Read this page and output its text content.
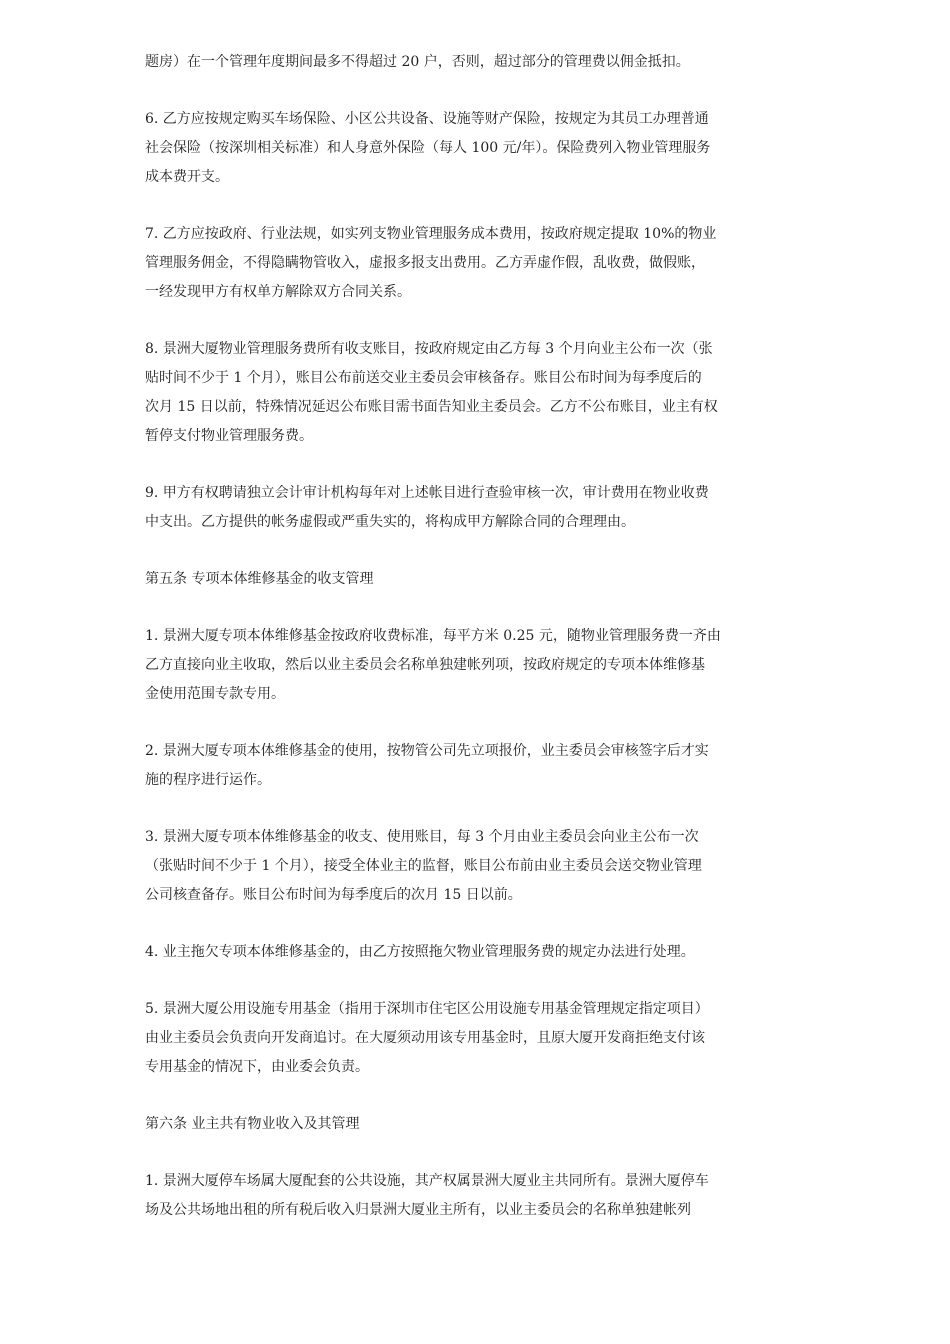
题房）在一个管理年度期间最多不得超过 20 户，否则，超过部分的管理费以佣金抵扣。
6. 乙方应按规定购买车场保险、小区公共设备、设施等财产保险，按规定为其员工办理普通
社会保险（按深圳相关标准）和人身意外保险（每人 100 元/年）。保险费列入物业管理服务
成本费开支。
7. 乙方应按政府、行业法规，如实列支物业管理服务成本费用，按政府规定提取 10%的物业
管理服务佣金，不得隐瞒物管收入，虚报多报支出费用。乙方弄虚作假，乱收费，做假账，
一经发现甲方有权单方解除双方合同关系。
8. 景洲大厦物业管理服务费所有收支账目，按政府规定由乙方每 3 个月向业主公布一次（张
贴时间不少于 1 个月），账目公布前送交业主委员会审核备存。账目公布时间为每季度后的
次月 15 日以前，特殊情况延迟公布账目需书面告知业主委员会。乙方不公布账目，业主有权
暂停支付物业管理服务费。
9. 甲方有权聘请独立会计审计机构每年对上述帐目进行查验审核一次，审计费用在物业收费
中支出。乙方提供的帐务虚假或严重失实的，将构成甲方解除合同的合理理由。
第五条 专项本体维修基金的收支管理
1. 景洲大厦专项本体维修基金按政府收费标准，每平方米 0.25 元，随物业管理服务费一齐由
乙方直接向业主收取，然后以业主委员会名称单独建帐列项，按政府规定的专项本体维修基
金使用范围专款专用。
2. 景洲大厦专项本体维修基金的使用，按物管公司先立项报价，业主委员会审核签字后才实
施的程序进行运作。
3. 景洲大厦专项本体维修基金的收支、使用账目，每 3 个月由业主委员会向业主公布一次
（张贴时间不少于 1 个月），接受全体业主的监督，账目公布前由业主委员会送交物业管理
公司核查备存。账目公布时间为每季度后的次月 15 日以前。
4. 业主拖欠专项本体维修基金的，由乙方按照拖欠物业管理服务费的规定办法进行处理。
5. 景洲大厦公用设施专用基金（指用于深圳市住宅区公用设施专用基金管理规定指定项目）
由业主委员会负责向开发商追讨。在大厦须动用该专用基金时，且原大厦开发商拒绝支付该
专用基金的情况下，由业委会负责。
第六条 业主共有物业收入及其管理
1. 景洲大厦停车场属大厦配套的公共设施，其产权属景洲大厦业主共同所有。景洲大厦停车
场及公共场地出租的所有税后收入归景洲大厦业主所有，以业主委员会的名称单独建帐列
